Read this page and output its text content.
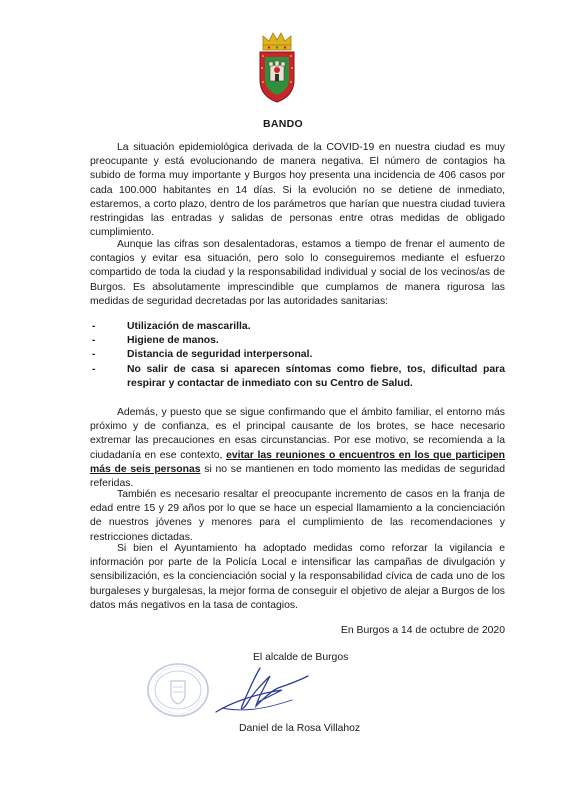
BANDO

La situación epidemiológica derivada de la COVID-19 en nuestra ciudad es muy preocupante y está evolucionando de manera negativa. El número de contagios ha subido de forma muy importante y Burgos hoy presenta una incidencia de 406 casos por cada 100.000 habitantes en 14 días. Si la evolución no se detiene de inmediato, estaremos, a corto plazo, dentro de los parámetros que harían que nuestra ciudad tuviera restringidas las entradas y salidas de personas entre otras medidas de obligado cumplimiento.

Aunque las cifras son desalentadoras, estamos a tiempo de frenar el aumento de contagios y evitar esa situación, pero solo lo conseguiremos mediante el esfuerzo compartido de toda la ciudad y la responsabilidad individual y social de los vecinos/as de Burgos. Es absolutamente imprescindible que cumplamos de manera rigurosa las medidas de seguridad decretadas por las autoridades sanitarias:

-	Utilización de mascarilla.
-	Higiene de manos.
-	Distancia de seguridad interpersonal.
-	No salir de casa si aparecen síntomas como fiebre, tos, dificultad para respirar y contactar de inmediato con su Centro de Salud.

Además, y puesto que se sigue confirmando que el ámbito familiar, el entorno más próximo y de confianza, es el principal causante de los brotes, se hace necesario extremar las precauciones en esas circunstancias. Por ese motivo, se recomienda a la ciudadanía en ese contexto, evitar las reuniones o encuentros en los que participen más de seis personas si no se mantienen en todo momento las medidas de seguridad referidas.

También es necesario resaltar el preocupante incremento de casos en la franja de edad entre 15 y 29 años por lo que se hace un especial llamamiento a la concienciación de nuestros jóvenes y menores para el cumplimiento de las recomendaciones y restricciones dictadas.

Si bien el Ayuntamiento ha adoptado medidas como reforzar la vigilancia e información por parte de la Policía Local e intensificar las campañas de divulgación y sensibilización, es la concienciación social y la responsabilidad cívica de cada uno de los burgaleses y burgalesas, la mejor forma de conseguir el objetivo de alejar a Burgos de los datos más negativos en la tasa de contagios.

En Burgos a 14 de octubre de 2020
El alcalde de Burgos
Daniel de la Rosa Villahoz
